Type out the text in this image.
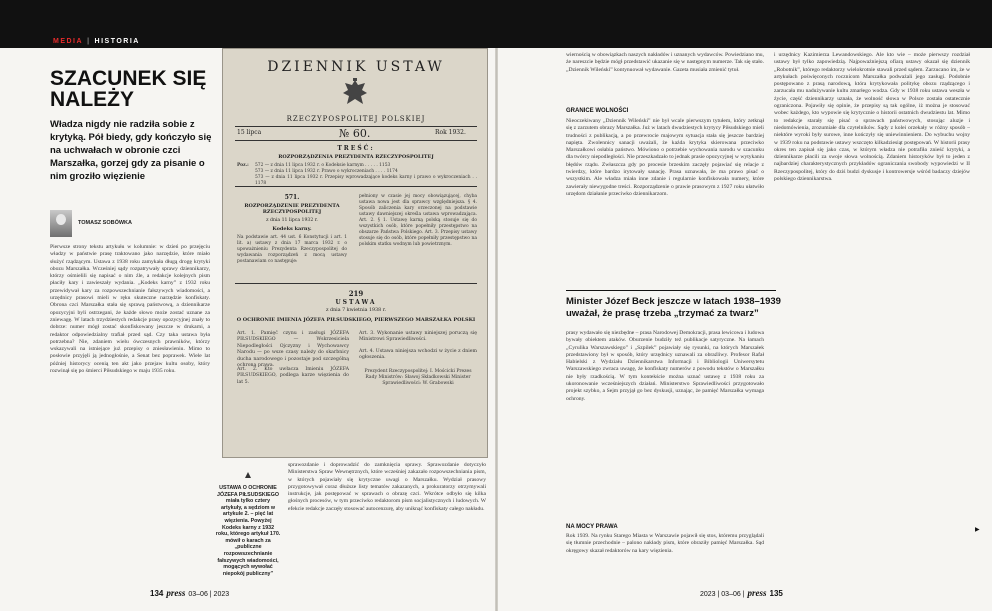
MEDIA | HISTORIA
SZACUNEK SIĘ NALEŻY

Władza nigdy nie radziła sobie z krytyką. Pół biedy, gdy kończyło się na uchwałach w obronie czci Marszałka, gorzej gdy za pisanie o nim groziło więzienie

TOMASZ SOBÓWKA
Pierwsze strony tekstu artykułu w kolumnie: w dzień po przejęciu władzy w państwie prasę traktowano jako narzędzie, które miało służyć rządzącym. Ustawa z 1938 roku zamykała długą drogę krytyki obozu Marszałka. Wcześniej sądy rozpatrywały sprawy dziennikarzy, którzy ośmielili się napisać o nim źle, a redakcje kolejnych pism płaciły kary i zawieszały wydania. „Kodeks karny” z 1932 roku przewidywał kary za rozpowszechnianie fałszywych wiadomości, a urzędnicy prasowi mieli w ręku skuteczne narzędzie konfiskaty. Obrona czci Marszałka stała się sprawą państwową, a dziennikarze opozycyjni byli ostrzegani, że każde słowo może zostać uznane za zniewagę. W latach trzydziestych redakcje prasy opozycyjnej znały to dobrze: numer mógł zostać skonfiskowany jeszcze w drukarni, a redaktor odpowiedzialny trafiał przed sąd. Czy taka ustawa była potrzebna? Nie, zdaniem wielu ówczesnych prawników, którzy wskazywali na istniejące już przepisy o zniesławieniu. Mimo to posłowie przyjęli ją jednogłośnie, a Senat bez poprawek. Wiele lat później historycy ocenią ten akt jako przejaw kultu osoby, który rozwinął się po śmierci Piłsudskiego w maju 1935 roku.
DZIENNIK USTAW
RZECZYPOSPOLITEJ POLSKIEJ
15 lipca	№ 60.	Rok 1932.
TREŚĆ:
ROZPORZĄDZENIA PREZYDENTA RZECZYPOSPOLITEJ
Poz.:	572 — z dnia 11 lipca 1932 r. o Kodeksie karnym . . . . . 1153
573 — z dnia 11 lipca 1932 r. Prawo o wykroczeniach . . . . 1174
573 — z dnia 11 lipca 1932 r. Przepisy wprowadzające kodeks karny i prawo o wykroczeniach . . 1178
571.
ROZPORZĄDZENIE PREZYDENTA RZECZYPOSPOLITEJ
z dnia 11 lipca 1932 r.
Kodeks karny.
Na podstawie art. 44 ust. 6 Konstytucji i art. 1 lit. a) ustawy z dnia 17 marca 1932 r. o upoważnieniu Prezydenta Rzeczypospolitej do wydawania rozporządzeń z mocą ustawy postanawiam co następuje:
pełniony w czasie jej mocy obowiązującej, chyba ustawa nowa jest dla sprawcy względniejsza. § 4. Sposób zaliczenia kary orzeczonej na podstawie ustawy dawniejszej określa ustawa wprowadzająca. Art. 2. § 1. Ustawę karną polską stosuje się do wszystkich osób, które popełniły przestępstwo na obszarze Państwa Polskiego. Art. 3. Przepisy ustawy stosuje się do osób, które popełniły przestępstwo na polskim statku wodnym lub powietrznym.
219
USTAWA
z dnia 7 kwietnia 1938 r.
O OCHRONIE IMIENIA JÓZEFA PIŁSUDSKIEGO, PIERWSZEGO MARSZAŁKA POLSKI
Art. 1. Pamięć czynu i zasługi JÓZEFA PIŁSUDSKIEGO — Wskrzesiciela Niepodległości Ojczyzny i Wychowawcy Narodu — po wsze czasy należy do skarbnicy ducha narodowego i pozostaje pod szczególną ochroną prawa.
Art. 2. Kto uwłacza Imieniu JÓZEFA PIŁSUDSKIEGO, podlega karze więzienia do lat 5.
Art. 3. Wykonanie ustawy niniejszej poruczą się Ministrowi Sprawiedliwości.
Art. 4. Ustawa niniejsza wchodzi w życie z dniem ogłoszenia.
Prezydent Rzeczypospolitej: I. Mościcki Prezes Rady Ministrów: Sławoj Składkowski Minister Sprawiedliwości: W. Grabowski
USTAWA O OCHRONIE JÓZEFA PIŁSUDSKIEGO miała tylko cztery artykuły, a sędziom w artykule 2. – pięć lat więzienia. Powyżej Kodeks karny z 1932 roku, którego artykuł 170. mówił o karach za „publiczne rozpowszechnianie fałszywych wiadomości, mogących wywołać niepokój publiczny”
sprawozdanie i doprowadzić do zamknięcia sprawy. Sprawozdanie dotyczyło Ministerstwa Spraw Wewnętrznych, które wcześniej zakazało rozpowszechniania pism, w których pojawiały się krytyczne uwagi o Marszałku. Wydział prasowy przygotowywał coraz dłuższe listy tematów zakazanych, a prokuratorzy otrzymywali instrukcje, jak postępować w sprawach o obrazę czci. Wkrótce odbyło się kilka głośnych procesów, w tym przeciwko redaktorom pism socjalistycznych i ludowych. W efekcie redakcje zaczęły stosować autocenzurę, aby uniknąć konfiskaty całego nakładu.
134 press 03–06 | 2023
wiernością w obowiązkach naszych nakładów i uznanych wydawców. Powiedziano mu, że nareszcie będzie mógł przedstawić ukazanie się w następnym numerze. Tak się stało. „Dziennik Wileński” kontynuował wydawanie. Gazeta musiała zmienić tytuł.
GRANICE WOLNOŚCI
Nieoczekiwany „Dziennik Wileński” nie był wcale pierwszym tytułem, który zetknął się z zarzutem obrazy Marszałka. Już w latach dwudziestych krytycy Piłsudskiego mieli trudności z publikacją, a po przewrocie majowym sytuacja stała się jeszcze bardziej napięta. Zwolennicy sanacji uważali, że każda krytyka skierowana przeciwko Marszałkowi osłabia państwo. Mówiono o potrzebie wychowania narodu w szacunku dla twórcy niepodległości. Nie przeszkadzało to jednak prasie opozycyjnej w wytykaniu błędów rządu. Zwłaszcza gdy po procesie brzeskim zaczęły pojawiać się relacje z twierdzy, które bardzo irytowały sanację. Prasa uznawała, że ma prawo pisać o wszystkim. Ale władza miała inne zdanie i regularnie konfiskowała numery, które zawierały niewygodne treści. Rozporządzenie o prawie prasowym z 1927 roku ułatwiło urzędom działanie przeciwko dziennikarzom.
Minister Józef Beck jeszcze w latach 1938–1939 uważał, że prasę trzeba „trzymać za twarz”
prasy wydawało się niezbędne – prasa Narodowej Demokracji, prasa lewicowa i ludowa bywały obiektem ataków. Oburzenie budziły też publikacje satyryczne. Na łamach „Cyrulika Warszawskiego” i „Szpilek” pojawiały się rysunki, na których Marszałek przedstawiony był w sposób, który urzędnicy uznawali za obraźliwy. Profesor Rafał Habielski z Wydziału Dziennikarstwa Informacji i Bibliologii Uniwersytetu Warszawskiego zwraca uwagę, że konfiskaty numerów z powodu tekstów o Marszałku nie były rzadkością. W tym kontekście można uznać ustawę z 1938 roku za ukoronowanie wcześniejszych działań. Ministerstwo Sprawiedliwości przygotowało projekt szybko, a Sejm przyjął go bez dyskusji, uznając, że pamięć Marszałka wymaga ochrony.
NA MOCY PRAWA
Rok 1939. Na rynku Starego Miasta w Warszawie pojawił się stos, któremu przyglądali się tłumnie przechodnie – palono nakłady pism, które obraziły pamięć Marszałka. Sąd okręgowy skazał redaktorów na kary więzienia.
i urzędnicy Kazimierza Lewandowskiego. Ale kto wie – może pierwszy rozdział ustawy był tylko zapowiedzią. Najpoważniejszą ofiarą ustawy okazał się dziennik „Robotnik”, którego redaktorzy wielokrotnie stawali przed sądem. Zarzucano im, że w artykułach poświęconych rocznicom Marszałka podważali jego zasługi. Podobnie postępowano z prasą narodową, która krytykowała politykę obozu rządzącego i zarzucała mu nadużywanie kultu zmarłego wodza. Gdy w 1938 roku ustawa weszła w życie, część dziennikarzy uznała, że wolność słowa w Polsce została ostatecznie ograniczona. Pojawiły się opinie, że przepisy są tak ogólne, iż można je stosować wobec każdego, kto wypowie się krytycznie o historii ostatnich dwudziestu lat. Mimo to redakcje starały się pisać o sprawach państwowych, stosując aluzje i niedomówienia, zrozumiałe dla czytelników. Sądy z kolei orzekały w różny sposób – niektóre wyroki były surowe, inne kończyły się uniewinnieniem. Do wybuchu wojny w 1939 roku na podstawie ustawy wszczęto kilkadziesiąt postępowań. W historii prasy okres ten zapisał się jako czas, w którym władza nie potrafiła znieść krytyki, a dziennikarze płacili za swoje słowa wolnością. Zdaniem historyków był to jeden z najbardziej charakterystycznych przykładów ograniczania swobody wypowiedzi w II Rzeczypospolitej, który do dziś budzi dyskusje i kontrowersje wśród badaczy dziejów polskiego dziennikarstwa.
▶
2023 | 03–06 | press 135
